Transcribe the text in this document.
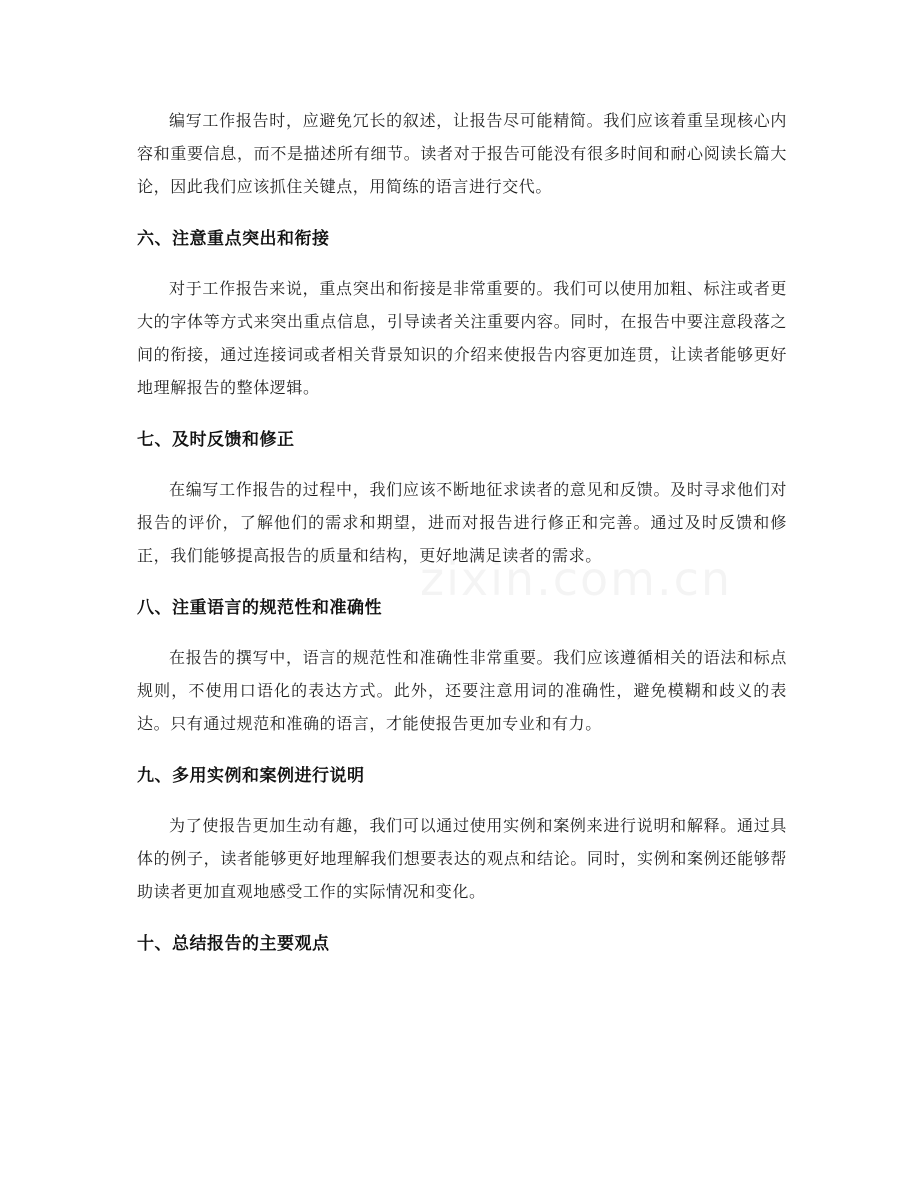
编写工作报告时，应避免冗长的叙述，让报告尽可能精简。我们应该着重呈现核心内容和重要信息，而不是描述所有细节。读者对于报告可能没有很多时间和耐心阅读长篇大论，因此我们应该抓住关键点，用简练的语言进行交代。

六、注意重点突出和衔接

对于工作报告来说，重点突出和衔接是非常重要的。我们可以使用加粗、标注或者更大的字体等方式来突出重点信息，引导读者关注重要内容。同时，在报告中要注意段落之间的衔接，通过连接词或者相关背景知识的介绍来使报告内容更加连贯，让读者能够更好地理解报告的整体逻辑。

七、及时反馈和修正

在编写工作报告的过程中，我们应该不断地征求读者的意见和反馈。及时寻求他们对报告的评价，了解他们的需求和期望，进而对报告进行修正和完善。通过及时反馈和修正，我们能够提高报告的质量和结构，更好地满足读者的需求。

八、注重语言的规范性和准确性

在报告的撰写中，语言的规范性和准确性非常重要。我们应该遵循相关的语法和标点规则，不使用口语化的表达方式。此外，还要注意用词的准确性，避免模糊和歧义的表达。只有通过规范和准确的语言，才能使报告更加专业和有力。

九、多用实例和案例进行说明

为了使报告更加生动有趣，我们可以通过使用实例和案例来进行说明和解释。通过具体的例子，读者能够更好地理解我们想要表达的观点和结论。同时，实例和案例还能够帮助读者更加直观地感受工作的实际情况和变化。

十、总结报告的主要观点
